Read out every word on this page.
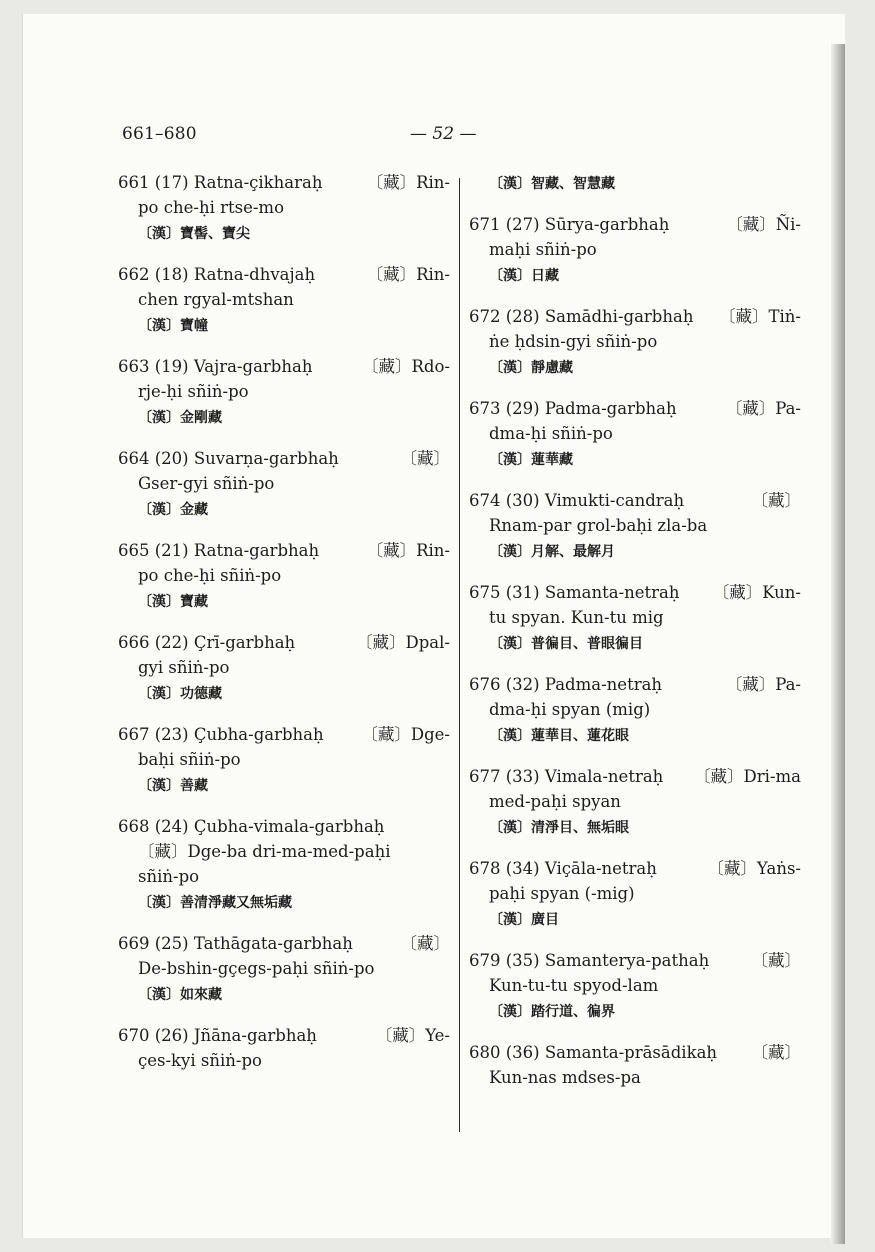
661–680	— 52 —
661 (17) Ratna-çikharaḥ	〔藏〕Rin-
po che-ḥi rtse-mo
〔漢〕寶髻、寶尖
662 (18) Ratna-dhvajaḥ	〔藏〕Rin-
chen rgyal-mtshan
〔漢〕寶幢
663 (19) Vajra-garbhaḥ	〔藏〕Rdo-
rje-ḥi sñiṅ-po
〔漢〕金剛藏
664 (20) Suvarṇa-garbhaḥ	〔藏〕
Gser-gyi sñiṅ-po
〔漢〕金藏
665 (21) Ratna-garbhaḥ	〔藏〕Rin-
po che-ḥi sñiṅ-po
〔漢〕寶藏
666 (22) Çrī-garbhaḥ	〔藏〕Dpal-
gyi sñiṅ-po
〔漢〕功德藏
667 (23) Çubha-garbhaḥ 〔藏〕Dge-
baḥi sñiṅ-po
〔漢〕善藏
668 (24) Çubha-vimala-garbhaḥ
〔藏〕Dge-ba dri-ma-med-paḥi
sñiṅ-po
〔漢〕善清淨藏又無垢藏
669 (25) Tathāgata-garbhaḥ	〔藏〕
De-bshin-gçegs-paḥi sñiṅ-po
〔漢〕如來藏
670 (26) Jñāna-garbhaḥ	〔藏〕Ye-
çes-kyi sñiṅ-po
〔漢〕智藏、智慧藏
671 (27) Sūrya-garbhaḥ	〔藏〕Ñi-
maḥi sñiṅ-po
〔漢〕日藏
672 (28) Samādhi-garbhaḥ 〔藏〕Tiṅ-
ṅe ḥdsin-gyi sñiṅ-po
〔漢〕靜慮藏
673 (29) Padma-garbhaḥ	〔藏〕Pa-
dma-ḥi sñiṅ-po
〔漢〕蓮華藏
674 (30) Vimukti-candraḥ	〔藏〕
Rnam-par grol-baḥi zla-ba
〔漢〕月解、最解月
675 (31) Samanta-netraḥ 〔藏〕Kun-
tu spyan. Kun-tu mig
〔漢〕普徧目、普眼徧目
676 (32) Padma-netraḥ	〔藏〕Pa-
dma-ḥi spyan (mig)
〔漢〕蓮華目、蓮花眼
677 (33) Vimala-netraḥ 〔藏〕Dri-ma
med-paḥi spyan
〔漢〕清淨目、無垢眼
678 (34) Viçāla-netraḥ	〔藏〕Yaṅs-
paḥi spyan (-mig)
〔漢〕廣目
679 (35) Samanterya-pathaḥ	〔藏〕
Kun-tu-tu spyod-lam
〔漢〕踏行道、徧界
680 (36) Samanta-prāsādikaḥ 〔藏〕
Kun-nas mdses-pa
